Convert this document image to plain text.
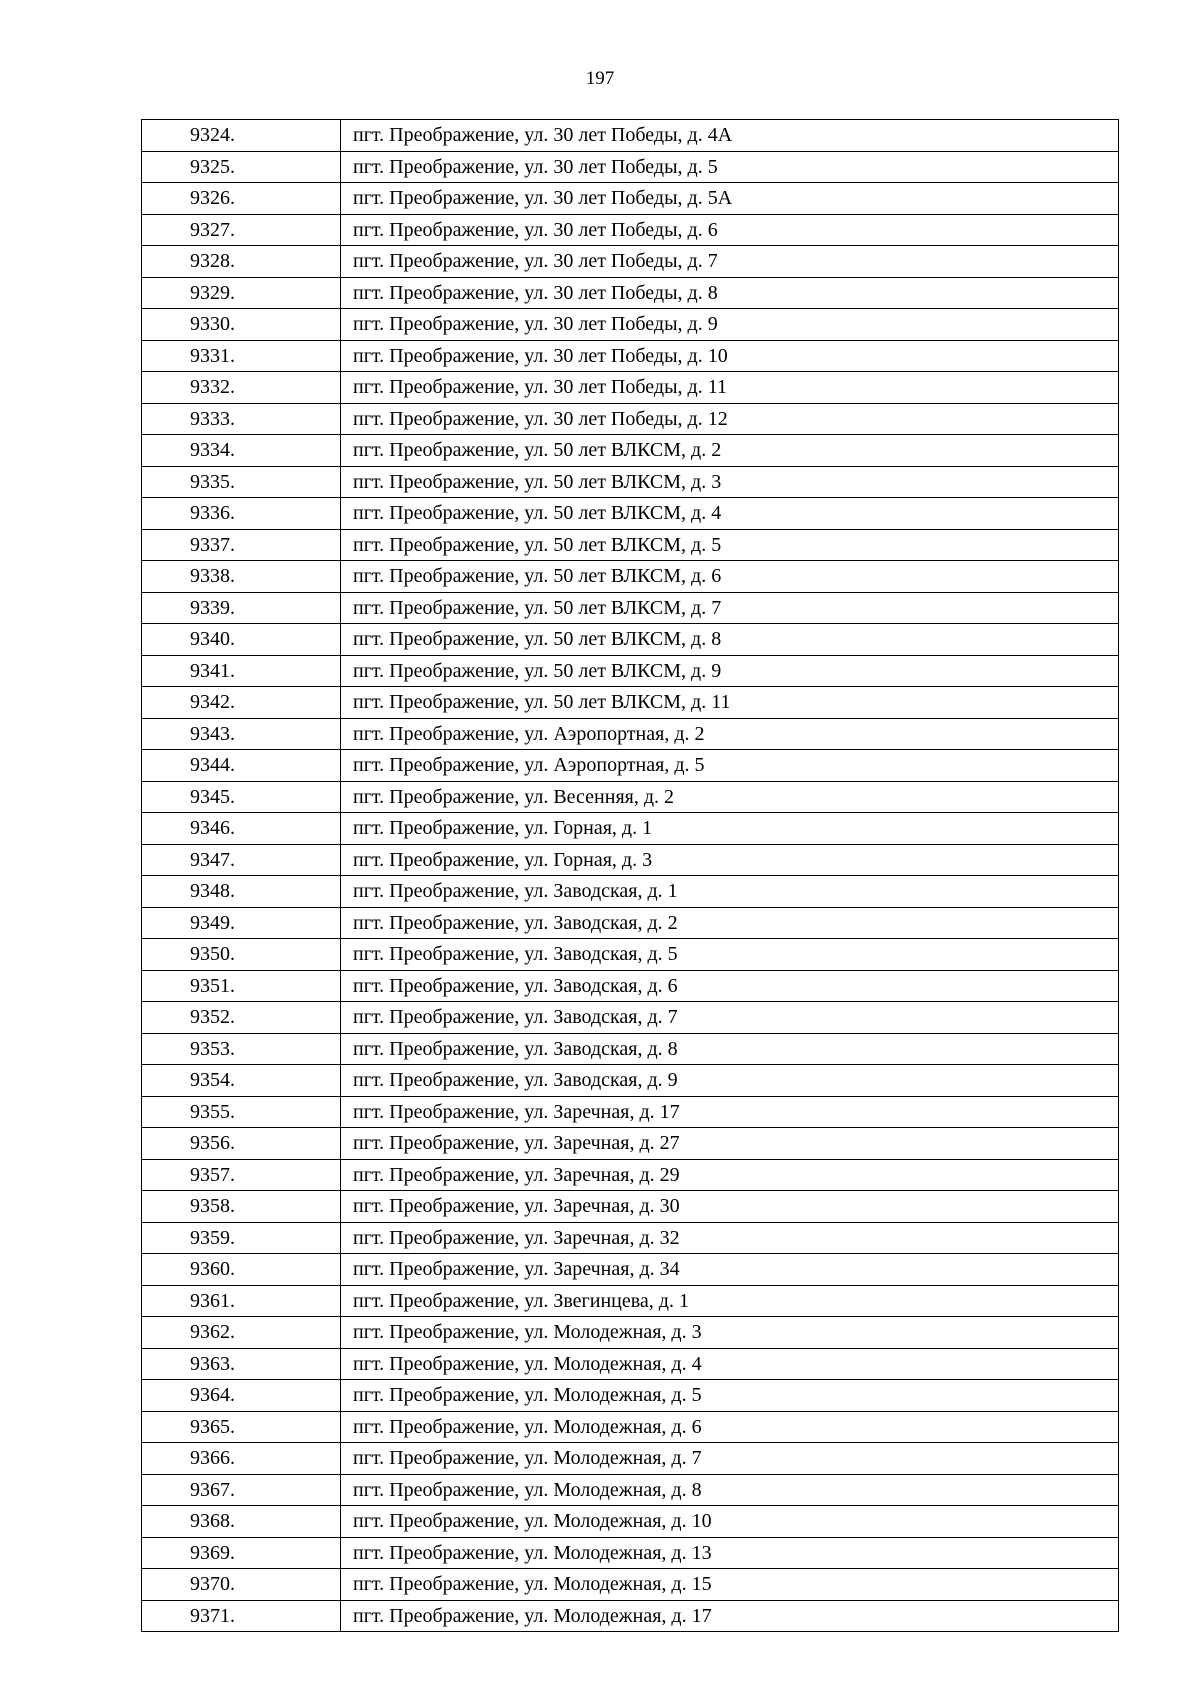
197
9324.	пгт. Преображение, ул. 30 лет Победы, д. 4А
9325.	пгт. Преображение, ул. 30 лет Победы, д. 5
9326.	пгт. Преображение, ул. 30 лет Победы, д. 5А
9327.	пгт. Преображение, ул. 30 лет Победы, д. 6
9328.	пгт. Преображение, ул. 30 лет Победы, д. 7
9329.	пгт. Преображение, ул. 30 лет Победы, д. 8
9330.	пгт. Преображение, ул. 30 лет Победы, д. 9
9331.	пгт. Преображение, ул. 30 лет Победы, д. 10
9332.	пгт. Преображение, ул. 30 лет Победы, д. 11
9333.	пгт. Преображение, ул. 30 лет Победы, д. 12
9334.	пгт. Преображение, ул. 50 лет ВЛКСМ, д. 2
9335.	пгт. Преображение, ул. 50 лет ВЛКСМ, д. 3
9336.	пгт. Преображение, ул. 50 лет ВЛКСМ, д. 4
9337.	пгт. Преображение, ул. 50 лет ВЛКСМ, д. 5
9338.	пгт. Преображение, ул. 50 лет ВЛКСМ, д. 6
9339.	пгт. Преображение, ул. 50 лет ВЛКСМ, д. 7
9340.	пгт. Преображение, ул. 50 лет ВЛКСМ, д. 8
9341.	пгт. Преображение, ул. 50 лет ВЛКСМ, д. 9
9342.	пгт. Преображение, ул. 50 лет ВЛКСМ, д. 11
9343.	пгт. Преображение, ул. Аэропортная, д. 2
9344.	пгт. Преображение, ул. Аэропортная, д. 5
9345.	пгт. Преображение, ул. Весенняя, д. 2
9346.	пгт. Преображение, ул. Горная, д. 1
9347.	пгт. Преображение, ул. Горная, д. 3
9348.	пгт. Преображение, ул. Заводская, д. 1
9349.	пгт. Преображение, ул. Заводская, д. 2
9350.	пгт. Преображение, ул. Заводская, д. 5
9351.	пгт. Преображение, ул. Заводская, д. 6
9352.	пгт. Преображение, ул. Заводская, д. 7
9353.	пгт. Преображение, ул. Заводская, д. 8
9354.	пгт. Преображение, ул. Заводская, д. 9
9355.	пгт. Преображение, ул. Заречная, д. 17
9356.	пгт. Преображение, ул. Заречная, д. 27
9357.	пгт. Преображение, ул. Заречная, д. 29
9358.	пгт. Преображение, ул. Заречная, д. 30
9359.	пгт. Преображение, ул. Заречная, д. 32
9360.	пгт. Преображение, ул. Заречная, д. 34
9361.	пгт. Преображение, ул. Звегинцева, д. 1
9362.	пгт. Преображение, ул. Молодежная, д. 3
9363.	пгт. Преображение, ул. Молодежная, д. 4
9364.	пгт. Преображение, ул. Молодежная, д. 5
9365.	пгт. Преображение, ул. Молодежная, д. 6
9366.	пгт. Преображение, ул. Молодежная, д. 7
9367.	пгт. Преображение, ул. Молодежная, д. 8
9368.	пгт. Преображение, ул. Молодежная, д. 10
9369.	пгт. Преображение, ул. Молодежная, д. 13
9370.	пгт. Преображение, ул. Молодежная, д. 15
9371.	пгт. Преображение, ул. Молодежная, д. 17
